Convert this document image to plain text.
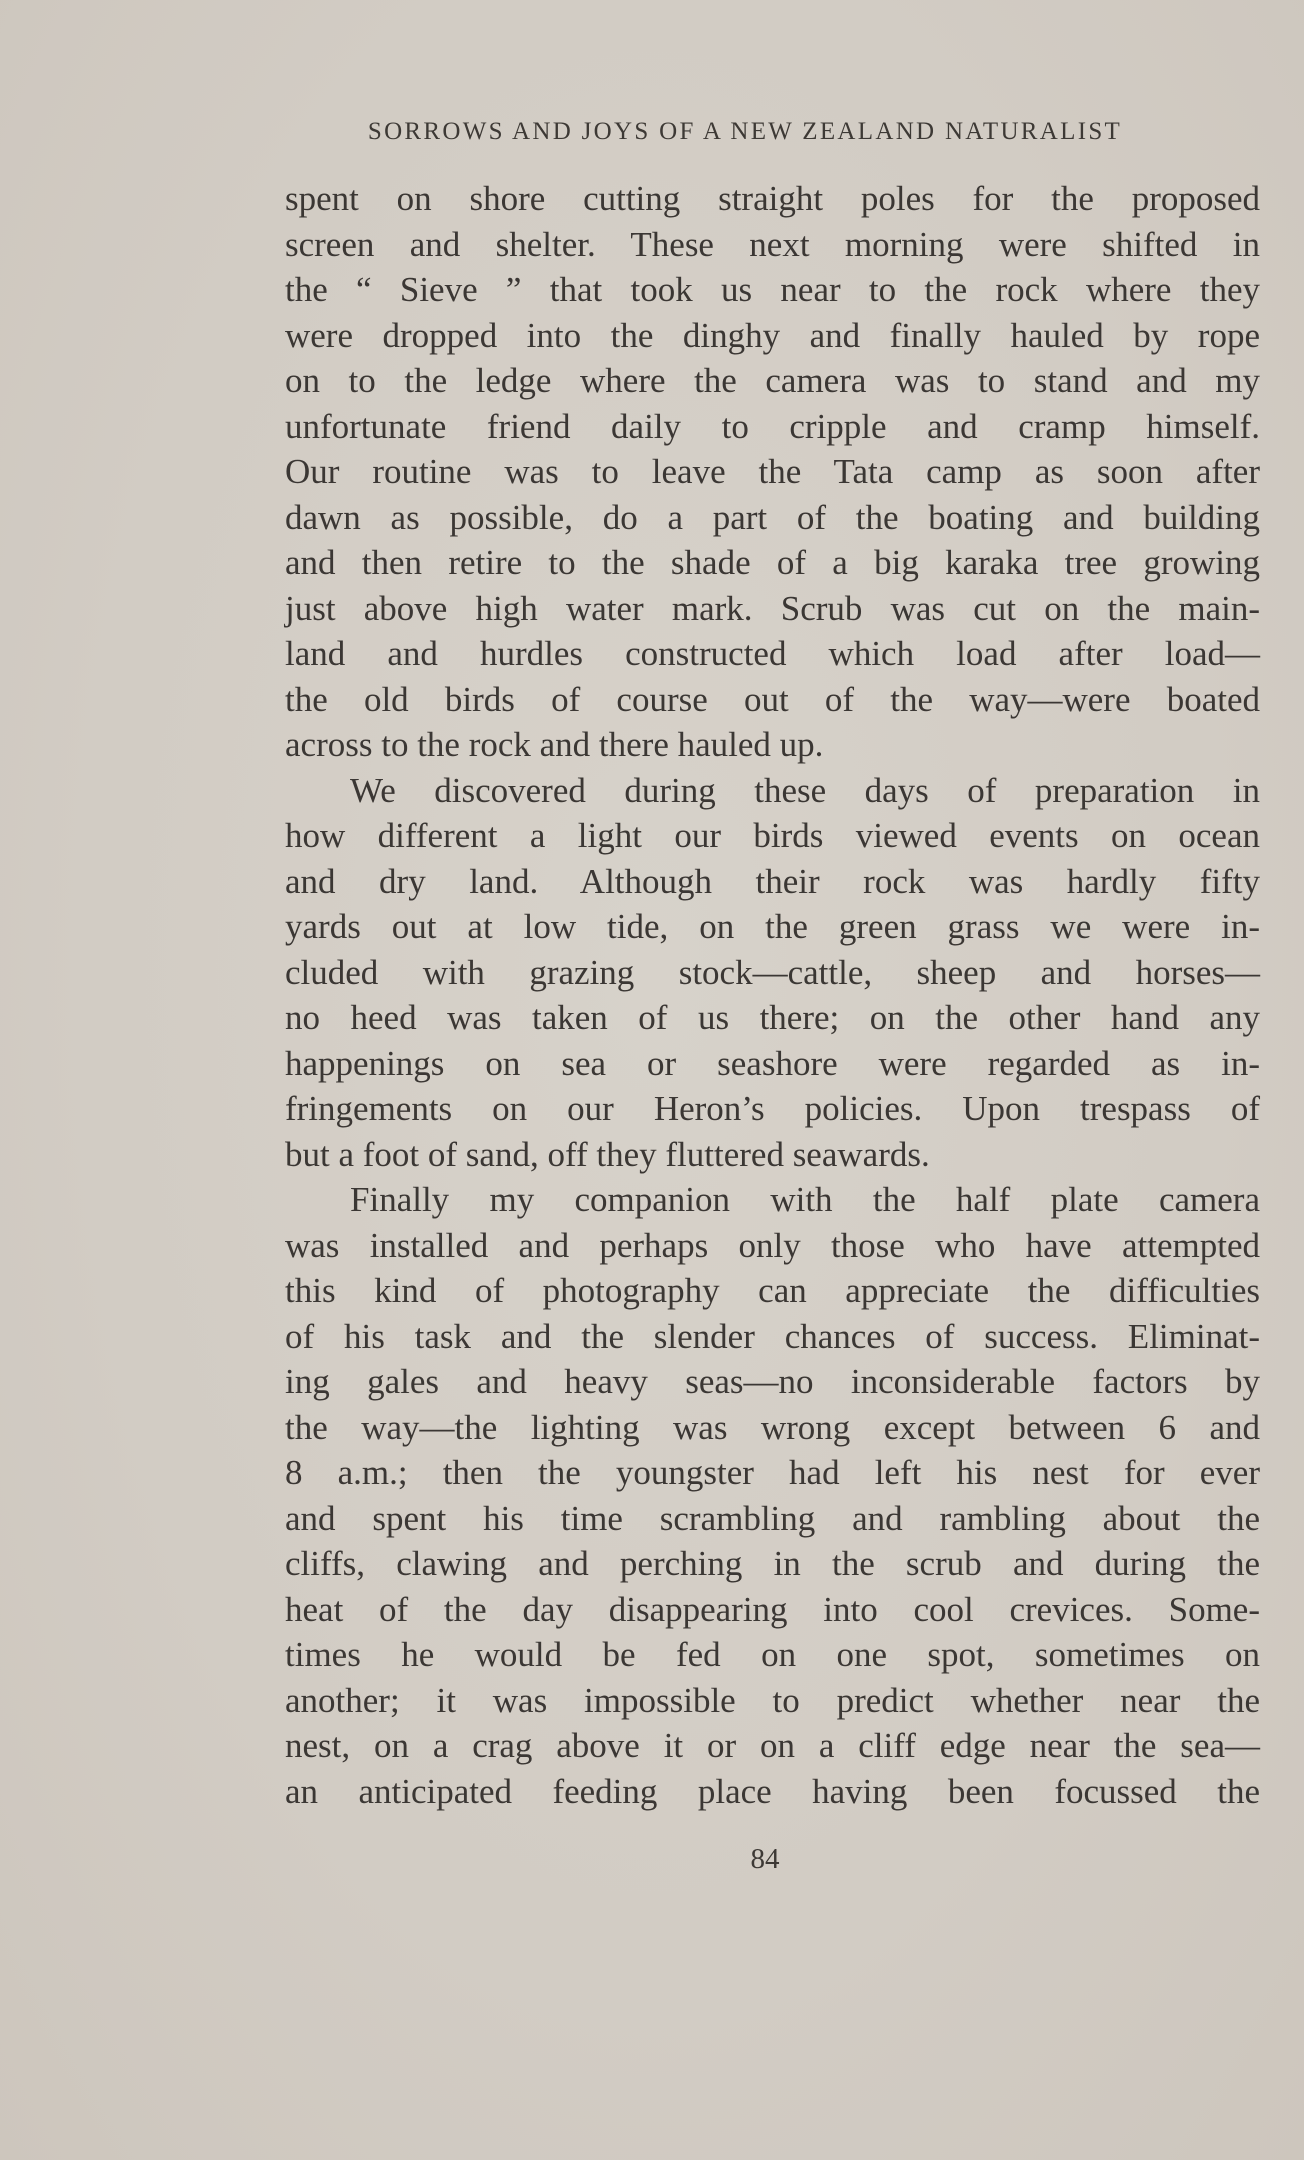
SORROWS AND JOYS OF A NEW ZEALAND NATURALIST
spent on shore cutting straight poles for the proposed
screen and shelter. These next morning were shifted in
the “ Sieve ” that took us near to the rock where they
were dropped into the dinghy and finally hauled by rope
on to the ledge where the camera was to stand and my
unfortunate friend daily to cripple and cramp himself.
Our routine was to leave the Tata camp as soon after
dawn as possible, do a part of the boating and building
and then retire to the shade of a big karaka tree growing
just above high water mark. Scrub was cut on the main-
land and hurdles constructed which load after load—
the old birds of course out of the way—were boated
across to the rock and there hauled up.
We discovered during these days of preparation in
how different a light our birds viewed events on ocean
and dry land. Although their rock was hardly fifty
yards out at low tide, on the green grass we were in-
cluded with grazing stock—cattle, sheep and horses—
no heed was taken of us there; on the other hand any
happenings on sea or seashore were regarded as in-
fringements on our Heron’s policies. Upon trespass of
but a foot of sand, off they fluttered seawards.
Finally my companion with the half plate camera
was installed and perhaps only those who have attempted
this kind of photography can appreciate the difficulties
of his task and the slender chances of success. Eliminat-
ing gales and heavy seas—no inconsiderable factors by
the way—the lighting was wrong except between 6 and
8 a.m.; then the youngster had left his nest for ever
and spent his time scrambling and rambling about the
cliffs, clawing and perching in the scrub and during the
heat of the day disappearing into cool crevices. Some-
times he would be fed on one spot, sometimes on
another; it was impossible to predict whether near the
nest, on a crag above it or on a cliff edge near the sea—
an anticipated feeding place having been focussed the
84
